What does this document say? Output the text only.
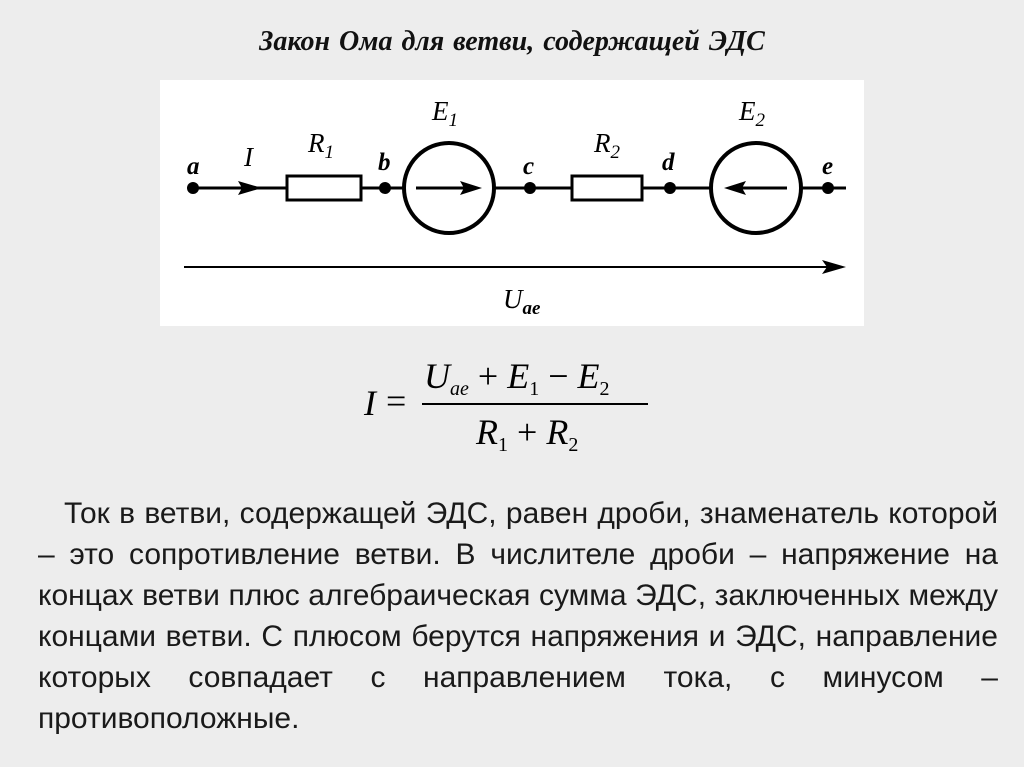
Закон Ома для ветви, содержащей ЭДС
a	b	c	d	e
I $R_1$	$R_2$
$E_1$	$E_2$
$U_{ae}$
I =
$U_{ae} + E_1 - E_2$
$R_1 + R_2$

Ток в ветви, содержащей ЭДС, равен дроби, знаменатель которой – это сопротивление ветви. В числителе дроби – напряжение на концах ветви плюс алгебраическая сумма ЭДС, заключенных между концами ветви. С плюсом берутся напряжения и ЭДС, направление которых совпадает с направлением тока, с минусом – противоположные.
